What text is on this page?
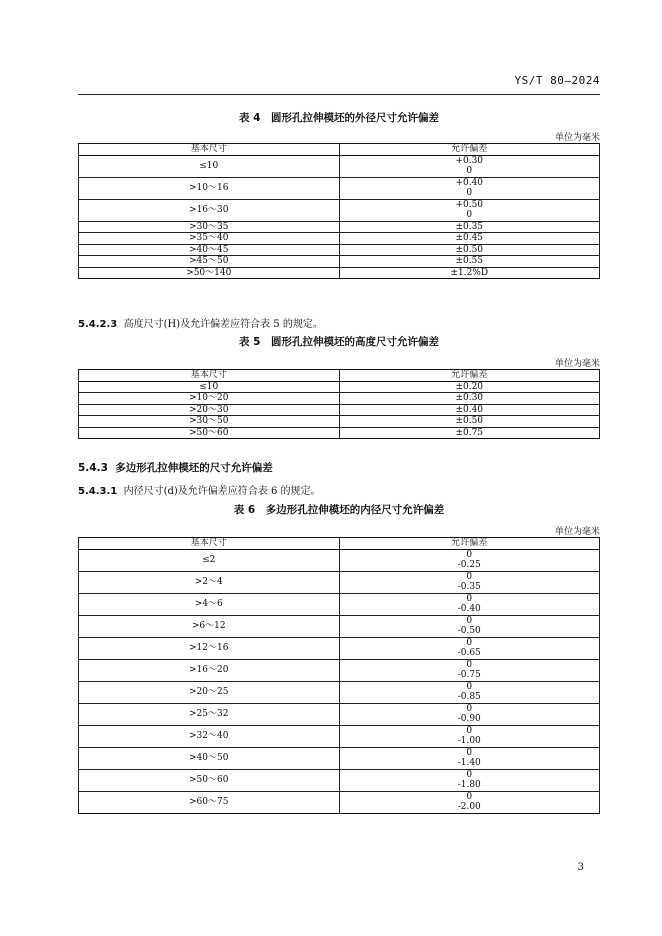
YS/T 80—2024
表 4　圆形孔拉伸模坯的外径尺寸允许偏差
单位为毫米
基本尺寸	允许偏差
≤10	+0.30
0

>10～16	+0.40
0

>16～30	+0.50
0

>30～35	±0.35

>35～40	±0.45

>40～45	±0.50

>45～50	±0.55

>50～140	±1.2%D
5.4.2.3 高度尺寸(H)及允许偏差应符合表 5 的规定。
表 5　圆形孔拉伸模坯的高度尺寸允许偏差
单位为毫米
基本尺寸	允许偏差
≤10	±0.20

>10～20	±0.30

>20～30	±0.40

>30～50	±0.50

>50～60	±0.75
5.4.3 多边形孔拉伸模坯的尺寸允许偏差
5.4.3.1 内径尺寸(d)及允许偏差应符合表 6 的规定。
表 6　多边形孔拉伸模坯的内径尺寸允许偏差
单位为毫米
基本尺寸	允许偏差
≤2	0
-0.25

>2～4	0
-0.35

>4～6	0
-0.40

>6～12	0
-0.50

>12～16	0
-0.65

>16～20	0
-0.75

>20～25	0
-0.85

>25～32	0
-0.90

>32～40	0
-1.00

>40～50	0
-1.40

>50～60	0
-1.80

>60～75	0
-2.00
3
